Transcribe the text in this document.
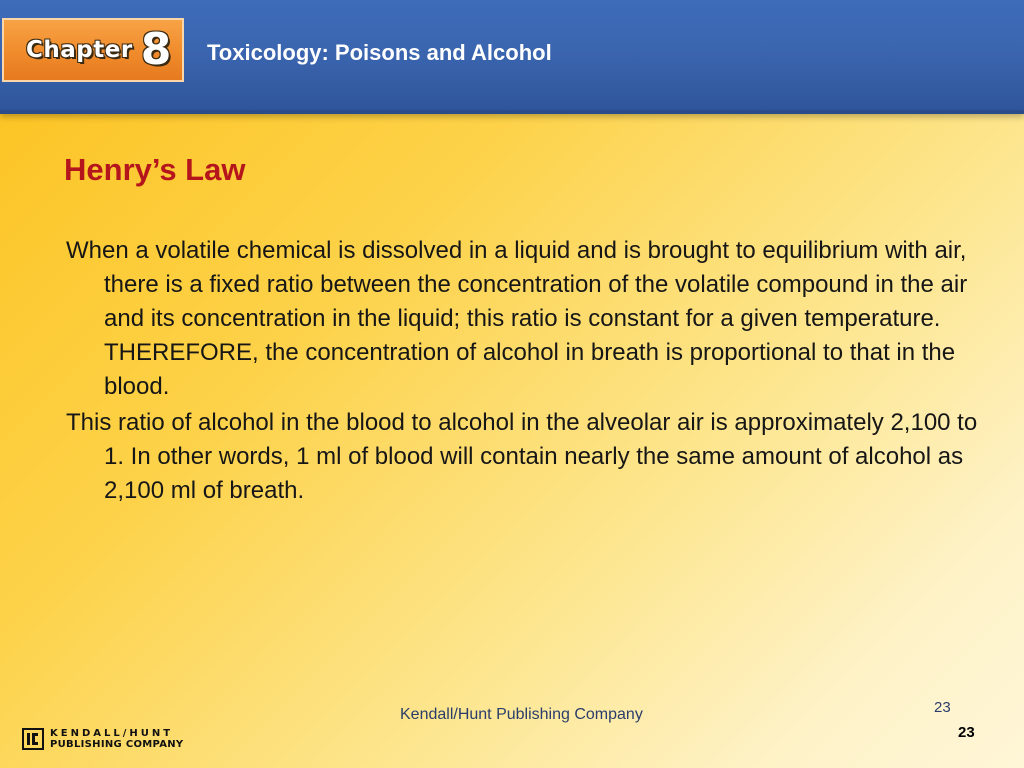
Chapter 8 Toxicology: Poisons and Alcohol
Henry’s Law

When a volatile chemical is dissolved in a liquid and is brought to equilibrium with air, there is a fixed ratio between the concentration of the volatile compound in the air and its concentration in the liquid; this ratio is constant for a given temperature. THEREFORE, the concentration of alcohol in breath is proportional to that in the blood.

This ratio of alcohol in the blood to alcohol in the alveolar air is approximately 2,100 to 1. In other words, 1 ml of blood will contain nearly the same amount of alcohol as 2,100 ml of breath.

KENDALL/HUNT
PUBLISHING COMPANY
Kendall/Hunt Publishing Company	23
23
